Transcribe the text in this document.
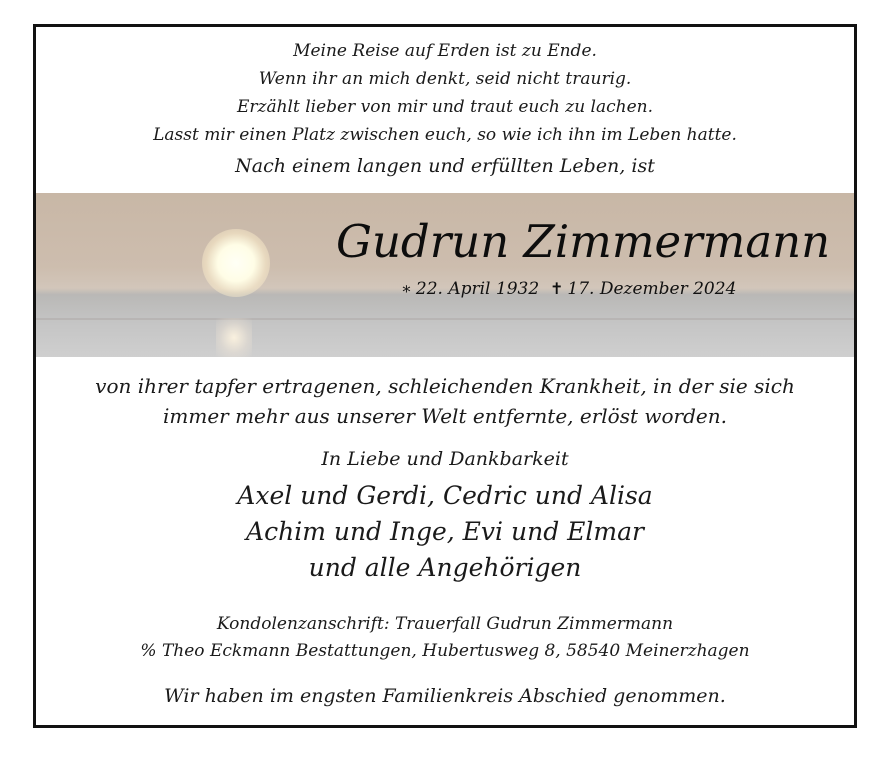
Meine Reise auf Erden ist zu Ende.
Wenn ihr an mich denkt, seid nicht traurig.
Erzählt lieber von mir und traut euch zu lachen.
Lasst mir einen Platz zwischen euch, so wie ich ihn im Leben hatte.
Nach einem langen und erfüllten Leben, ist
Gudrun Zimmermann
∗ 22. April 1932 ✝ 17. Dezember 2024
von ihrer tapfer ertragenen, schleichenden Krankheit, in der sie sich
immer mehr aus unserer Welt entfernte, erlöst worden.
In Liebe und Dankbarkeit
Axel und Gerdi, Cedric und Alisa
Achim und Inge, Evi und Elmar
und alle Angehörigen
Kondolenzanschrift: Trauerfall Gudrun Zimmermann
% Theo Eckmann Bestattungen, Hubertusweg 8, 58540 Meinerzhagen
Wir haben im engsten Familienkreis Abschied genommen.
